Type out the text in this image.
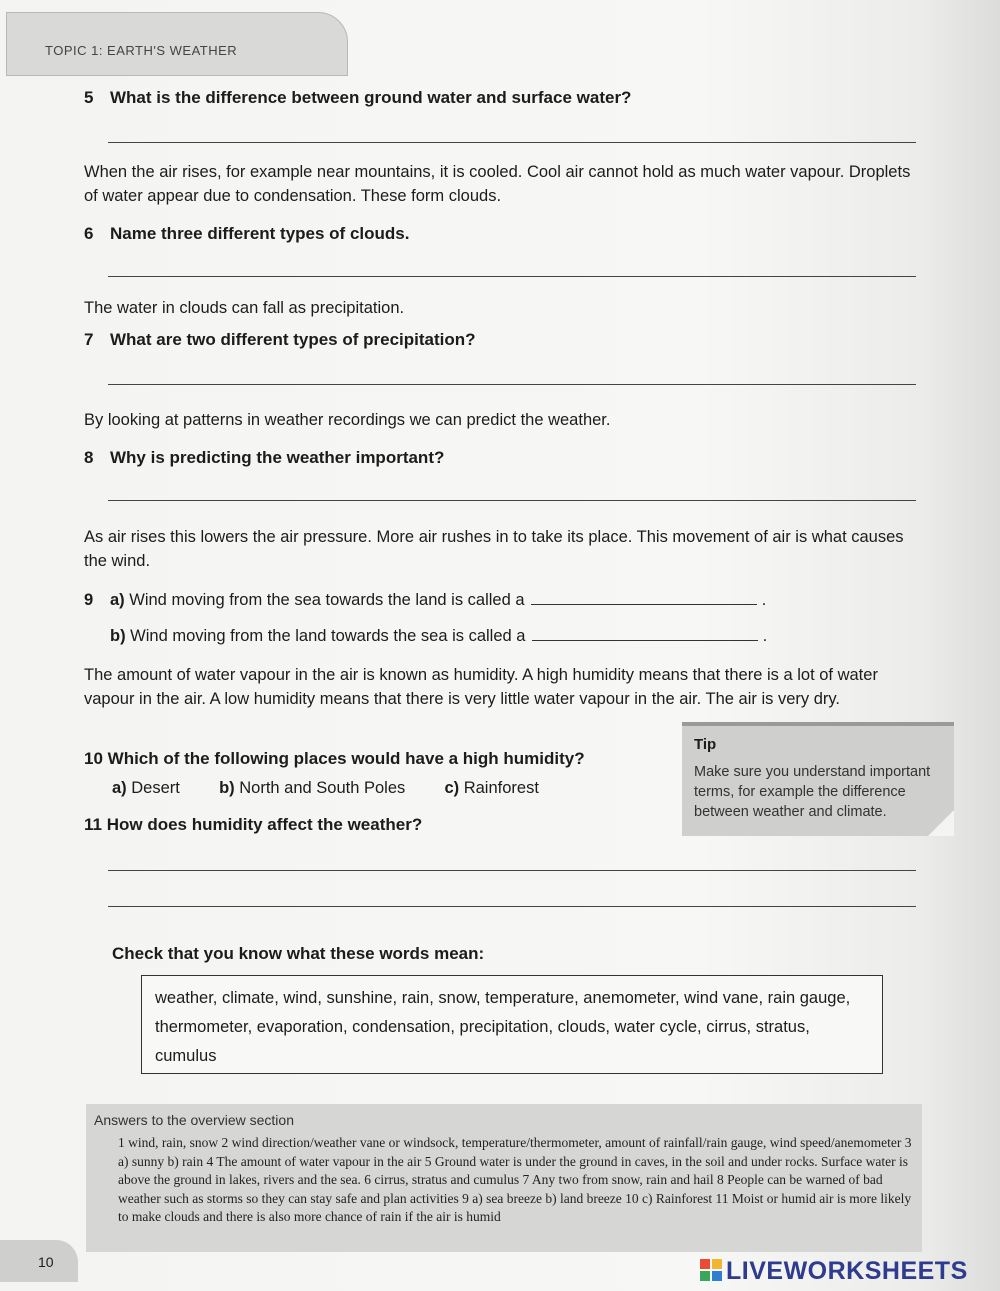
TOPIC 1: EARTH'S WEATHER
5 What is the difference between ground water and surface water?
When the air rises, for example near mountains, it is cooled. Cool air cannot hold as much water vapour. Droplets of water appear due to condensation. These form clouds.
6 Name three different types of clouds.
The water in clouds can fall as precipitation.
7 What are two different types of precipitation?
By looking at patterns in weather recordings we can predict the weather.
8 Why is predicting the weather important?
As air rises this lowers the air pressure. More air rushes in to take its place. This movement of air is what causes the wind.
9 a) Wind moving from the sea towards the land is called a	.
b) Wind moving from the land towards the sea is called a	.
The amount of water vapour in the air is known as humidity. A high humidity means that there is a lot of water vapour in the air. A low humidity means that there is very little water vapour in the air. The air is very dry.
10 Which of the following places would have a high humidity?
a) Desert b) North and South Poles c) Rainforest
11 How does humidity affect the weather?
Tip
Make sure you understand important terms, for example the difference between weather and climate.
Check that you know what these words mean:
weather, climate, wind, sunshine, rain, snow, temperature, anemometer, wind vane, rain gauge, thermometer, evaporation, condensation, precipitation, clouds, water cycle, cirrus, stratus, cumulus
Answers to the overview section
1 wind, rain, snow 2 wind direction/weather vane or windsock, temperature/thermometer, amount of rainfall/rain gauge, wind speed/anemometer 3 a) sunny b) rain 4 The amount of water vapour in the air 5 Ground water is under the ground in caves, in the soil and under rocks. Surface water is above the ground in lakes, rivers and the sea. 6 cirrus, stratus and cumulus 7 Any two from snow, rain and hail 8 People can be warned of bad weather such as storms so they can stay safe and plan activities 9 a) sea breeze b) land breeze 10 c) Rainforest 11 Moist or humid air is more likely to make clouds and there is also more chance of rain if the air is humid
10	LIVEWORKSHEETS
